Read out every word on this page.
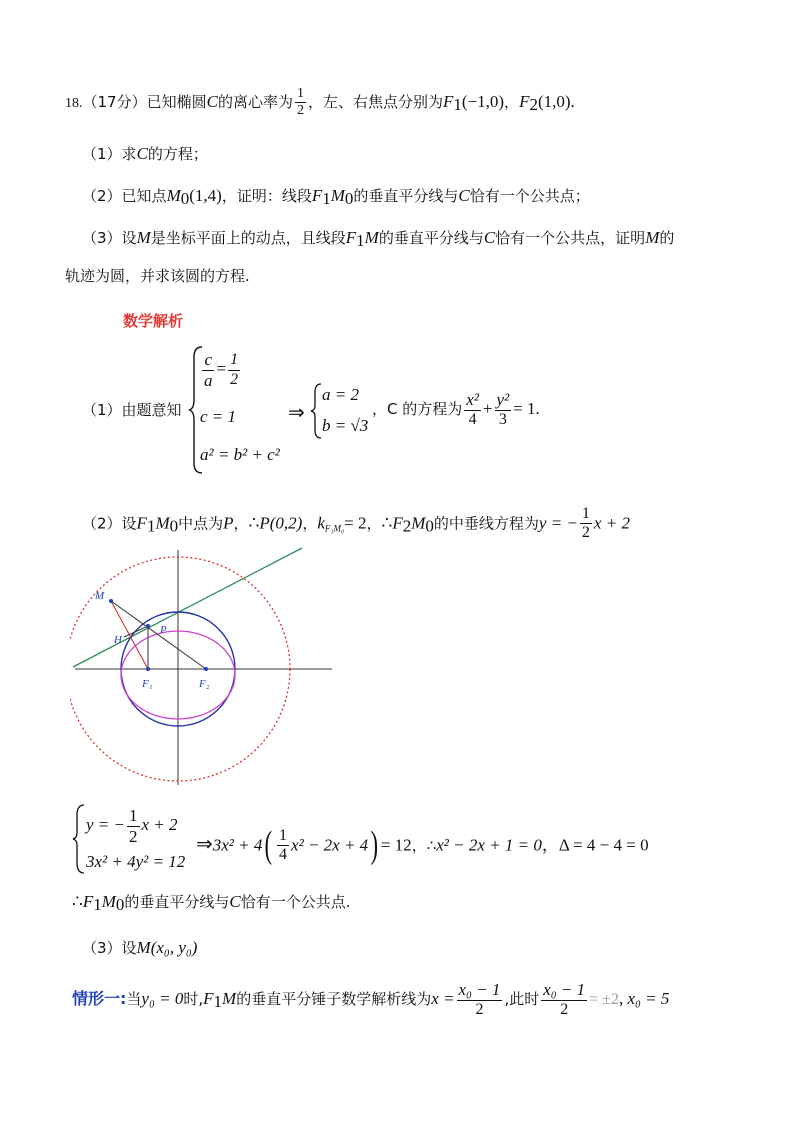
18.（17分）已知椭圆C的离心率为 $\frac{1}{2}$ ，左、右焦点分别为$F_1(-1,0)$，$F_2(1,0)$.
（1）求C的方程；
（2）已知点$M_0(1,4)$，证明：线段$F_1M_0$的垂直平分线与C恰有一个公共点；
（3）设M是坐标平面上的动点，且线段$F_1M$的垂直平分线与C恰有一个公共点，证明M的
轨迹为圆，并求该圆的方程.
数学解析
（1）由题意知
$\frac{c}{a} = \frac{1}{2}$
c = 1
a² = b² + c²
⇒
a = 2
b = √3
，C 的方程为 $\frac{\text{x²}}{4} + \frac{\text{y²}}{3} = 1$.
（2）设$F_1M_0$中点为P，∴P(0,2)，$k_{F_1M_0}= 2$，$\therefore F_2M_0$的中垂线方程为y = − $\frac{1}{2}$ x + 2
M
H
P
F₁	F₂
y = − $\frac{1}{2}$ x + 2
3x² + 4y² = 12
⇒3x² + $4( \frac{1}{4} x^2 - 2x + 4) = 12$，∴x² − 2x + 1 = 0，Δ = 4 − 4 = 0
$\therefore F_1M_0$的垂直平分线与C恰有一个公共点.
（3）设M(x₀, y₀)
情形一:当y₀ = 0时$,F_1M$的垂直平分锤子数学解析线为$x = \frac{\text{x₀ − 1}}{2}$ ,此时 $\frac{\text{x₀ − 1}}{2} = \pm 2$, x₀ = 5
